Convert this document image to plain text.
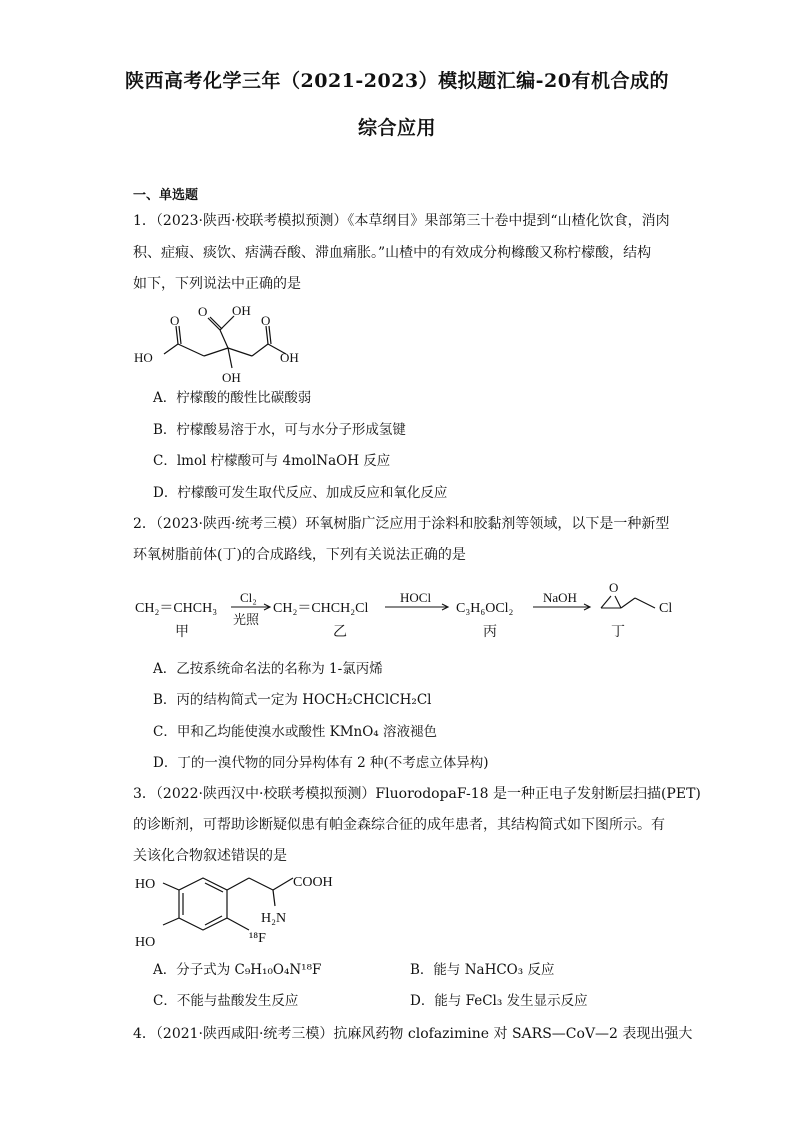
陕西高考化学三年（2021-2023）模拟题汇编-20有机合成的
综合应用
一、单选题
1．（2023·陕西·校联考模拟预测）《本草纲目》果部第三十卷中提到“山楂化饮食，消肉
积、症瘕、痰饮、痞满吞酸、滞血痛胀。”山楂中的有效成分枸橼酸又称柠檬酸，结构
如下，下列说法中正确的是
O OH
O	O
HO	OH
OH
A．柠檬酸的酸性比碳酸弱
B．柠檬酸易溶于水，可与水分子形成氢键
C．lmol 柠檬酸可与 4molNaOH 反应
D．柠檬酸可发生取代反应、加成反应和氧化反应
2．（2023·陕西·统考三模）环氧树脂广泛应用于涂料和胶黏剂等领域，以下是一种新型
环氧树脂前体(丁)的合成路线，下列有关说法正确的是
CH₂＝CHCH₃
Cl₂
光照
CH₂＝CHCH₂Cl
HOCl
C₃H₆OCl₂
NaOH
O
Cl
甲	乙	丙	丁
A．乙按系统命名法的名称为 1-氯丙烯
B．丙的结构简式一定为 HOCH₂CHClCH₂Cl
C．甲和乙均能使溴水或酸性 KMnO₄ 溶液褪色
D．丁的一溴代物的同分异构体有 2 种(不考虑立体异构)
3．（2022·陕西汉中·校联考模拟预测）FluorodopaF-18 是一种正电子发射断层扫描(PET)
的诊断剂，可帮助诊断疑似患有帕金森综合征的成年患者，其结构简式如下图所示。有
关该化合物叙述错误的是
HO
HO
COOH
H₂N
¹⁸F
A．分子式为 C₉H₁₀O₄N¹⁸F	B．能与 NaHCO₃ 反应
C．不能与盐酸发生反应	D．能与 FeCl₃ 发生显示反应
4．（2021·陕西咸阳·统考三模）抗麻风药物 clofazimine 对 SARS—CoV—2 表现出强大
